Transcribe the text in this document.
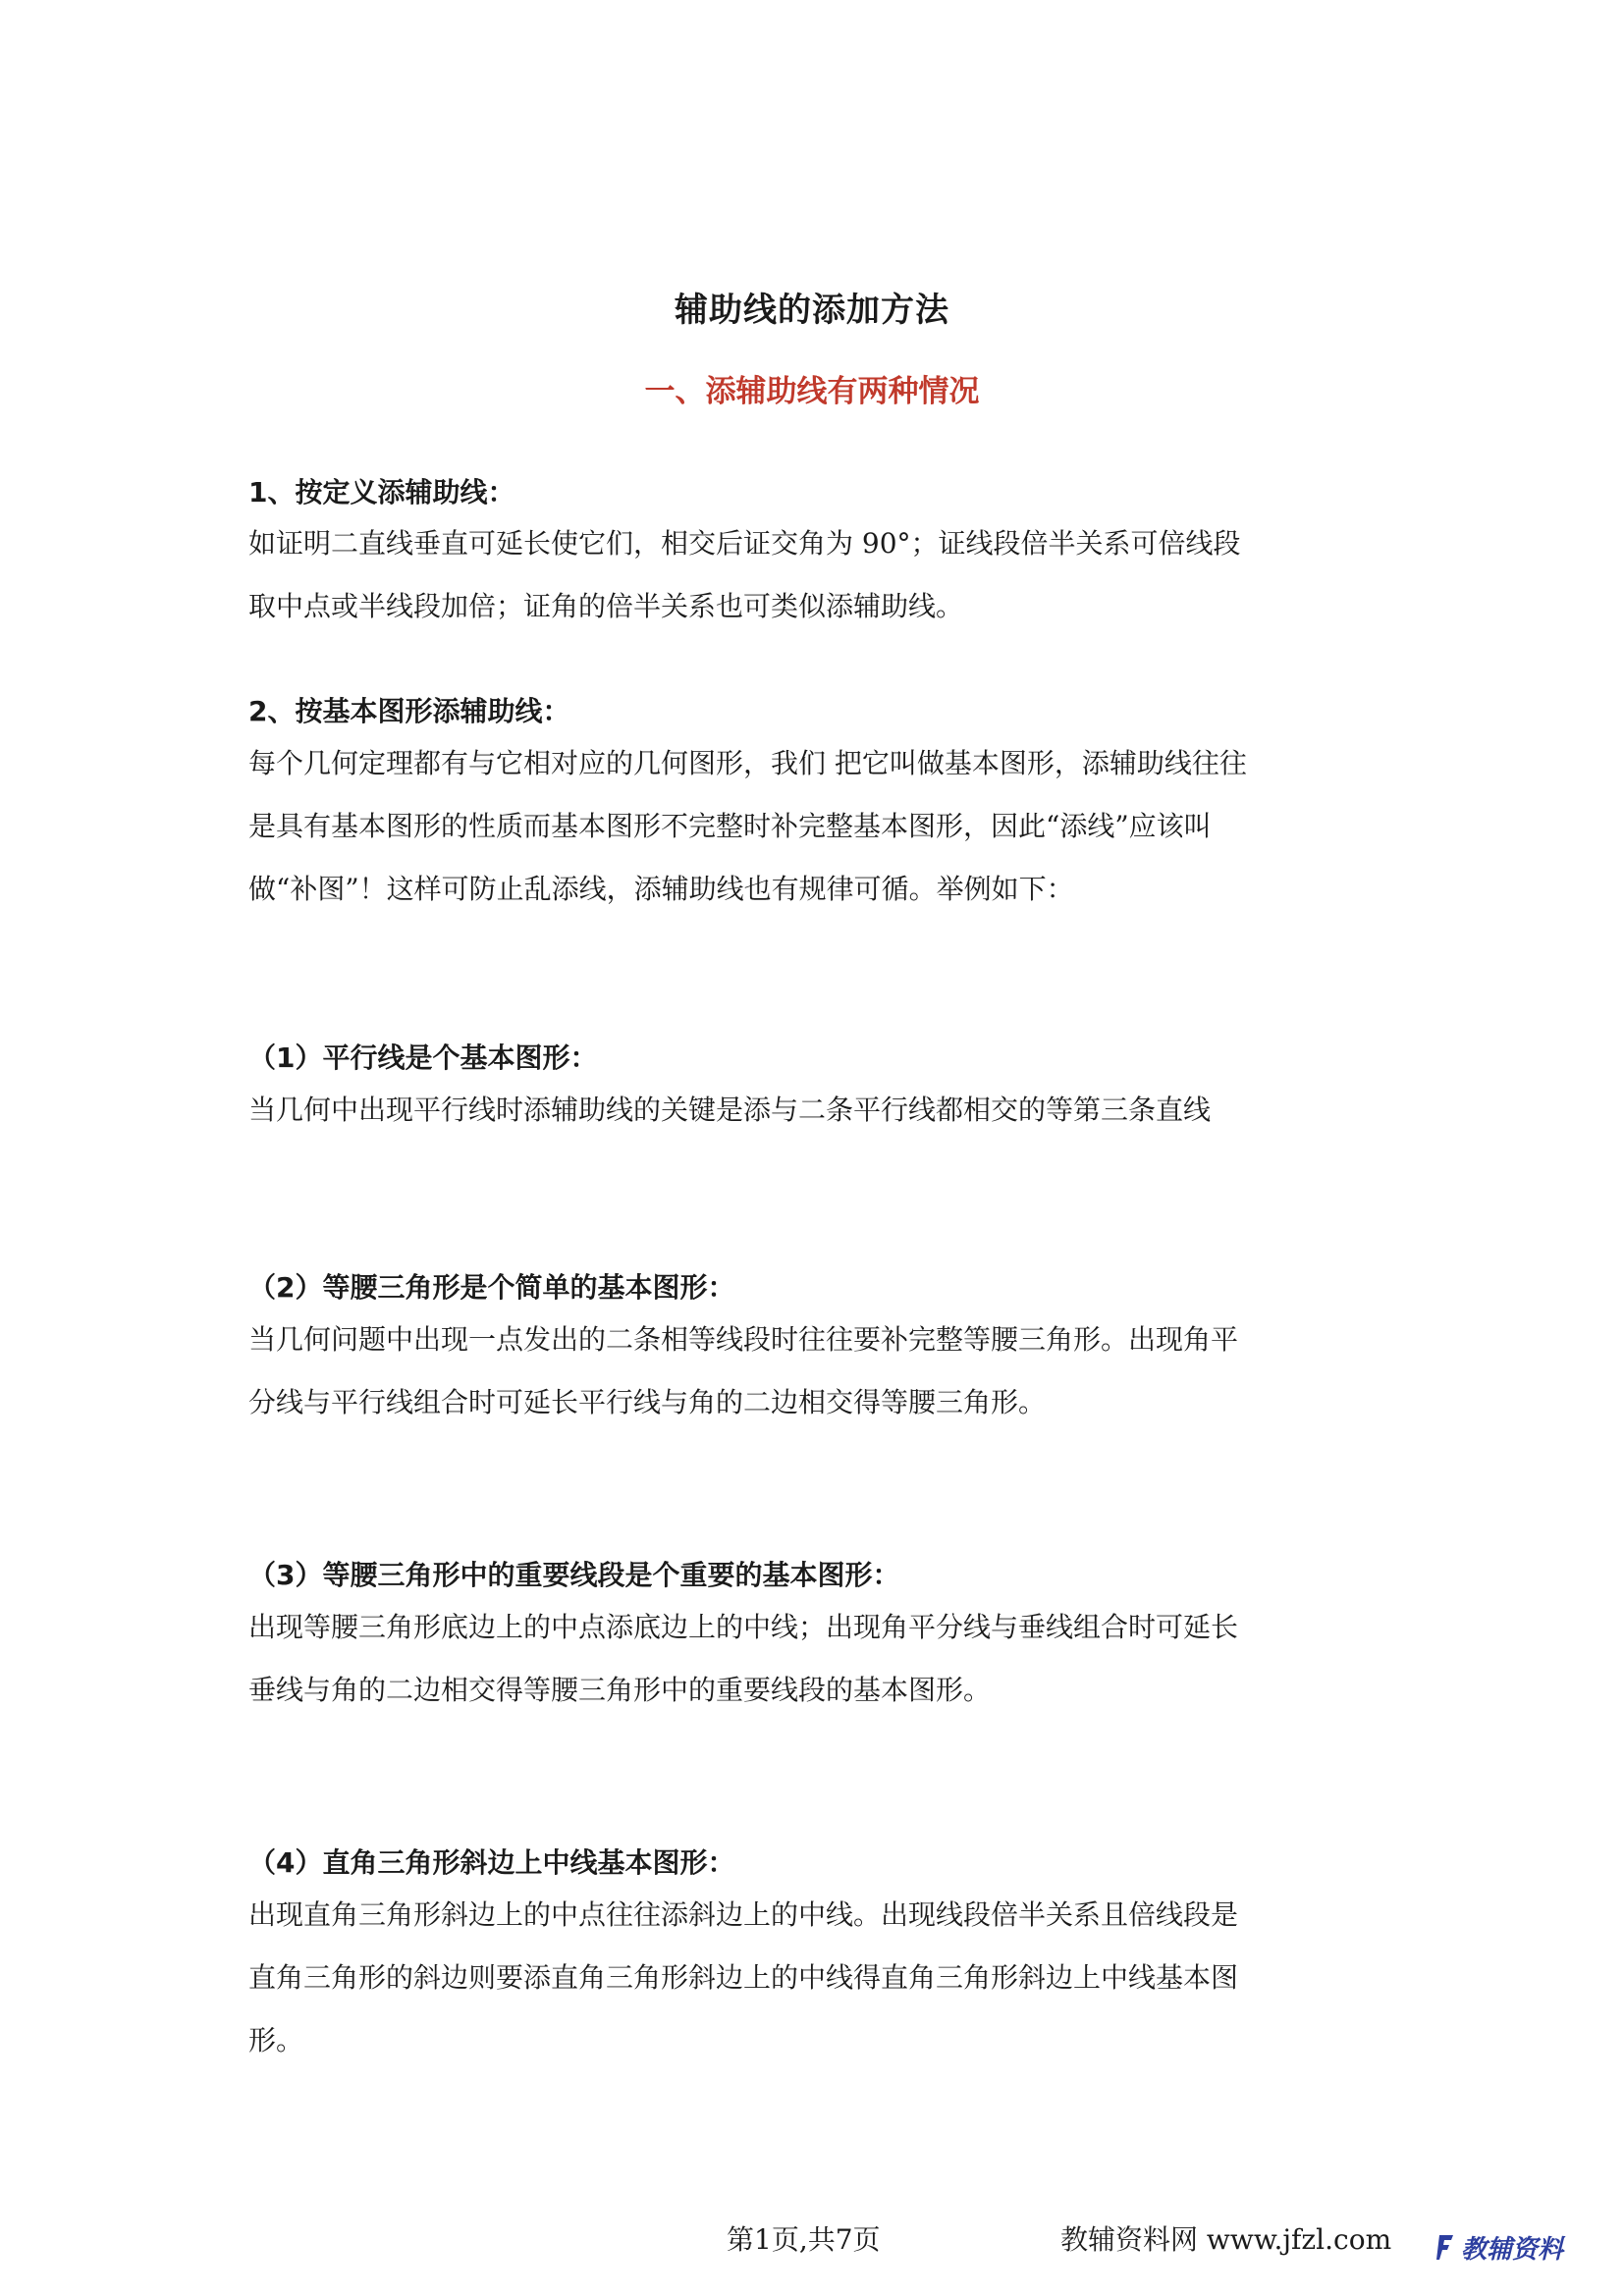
辅助线的添加方法
一、添辅助线有两种情况
1、按定义添辅助线：
如证明二直线垂直可延长使它们，相交后证交角为 90°；证线段倍半关系可倍线段
取中点或半线段加倍；证角的倍半关系也可类似添辅助线。
2、按基本图形添辅助线：
每个几何定理都有与它相对应的几何图形，我们 把它叫做基本图形，添辅助线往往
是具有基本图形的性质而基本图形不完整时补完整基本图形，因此“添线”应该叫
做“补图”！这样可防止乱添线，添辅助线也有规律可循。举例如下：
（1）平行线是个基本图形：
当几何中出现平行线时添辅助线的关键是添与二条平行线都相交的等第三条直线
（2）等腰三角形是个简单的基本图形：
当几何问题中出现一点发出的二条相等线段时往往要补完整等腰三角形。出现角平
分线与平行线组合时可延长平行线与角的二边相交得等腰三角形。
（3）等腰三角形中的重要线段是个重要的基本图形：
出现等腰三角形底边上的中点添底边上的中线；出现角平分线与垂线组合时可延长
垂线与角的二边相交得等腰三角形中的重要线段的基本图形。
（4）直角三角形斜边上中线基本图形：
出现直角三角形斜边上的中点往往添斜边上的中线。出现线段倍半关系且倍线段是
直角三角形的斜边则要添直角三角形斜边上的中线得直角三角形斜边上中线基本图
形。
第1页,共7页	教辅资料网 www.jfzl.com	教辅资料
